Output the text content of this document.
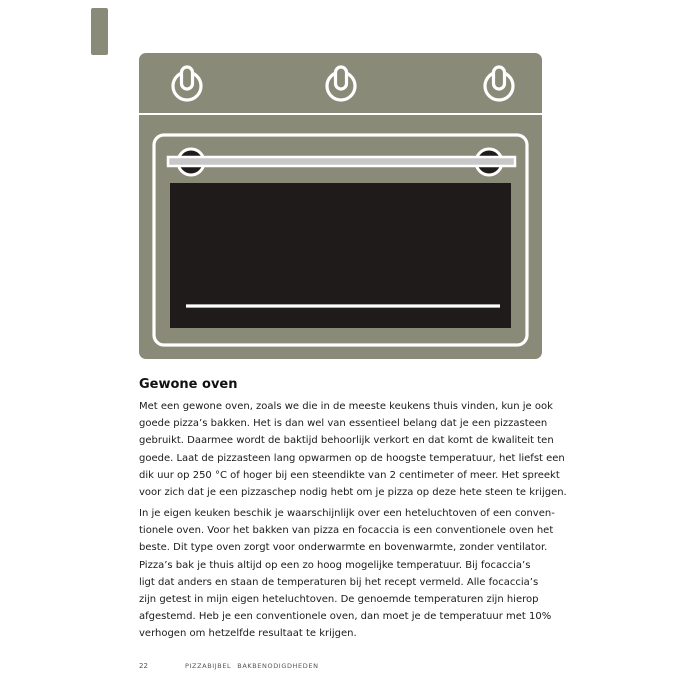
Gewone oven

Met een gewone oven, zoals we die in de meeste keukens thuis vinden, kun je ook
goede pizza’s bakken. Het is dan wel van essentieel belang dat je een pizzasteen
gebruikt. Daarmee wordt de baktijd behoorlijk verkort en dat komt de kwaliteit ten
goede. Laat de pizzasteen lang opwarmen op de hoogste temperatuur, het liefst een
dik uur op 250 °C of hoger bij een steendikte van 2 centimeter of meer. Het spreekt
voor zich dat je een pizzaschep nodig hebt om je pizza op deze hete steen te krijgen.

In je eigen keuken beschik je waarschijnlijk over een heteluchtoven of een conven-
tionele oven. Voor het bakken van pizza en focaccia is een conventionele oven het
beste. Dit type oven zorgt voor onderwarmte en bovenwarmte, zonder ventilator.
Pizza’s bak je thuis altijd op een zo hoog mogelijke temperatuur. Bij focaccia’s
ligt dat anders en staan de temperaturen bij het recept vermeld. Alle focaccia’s
zijn getest in mijn eigen heteluchtoven. De genoemde temperaturen zijn hierop
afgestemd. Heb je een conventionele oven, dan moet je de temperatuur met 10%
verhogen om hetzelfde resultaat te krijgen.

22	PIZZABIJBEL BAKBENODIGDHEDEN
